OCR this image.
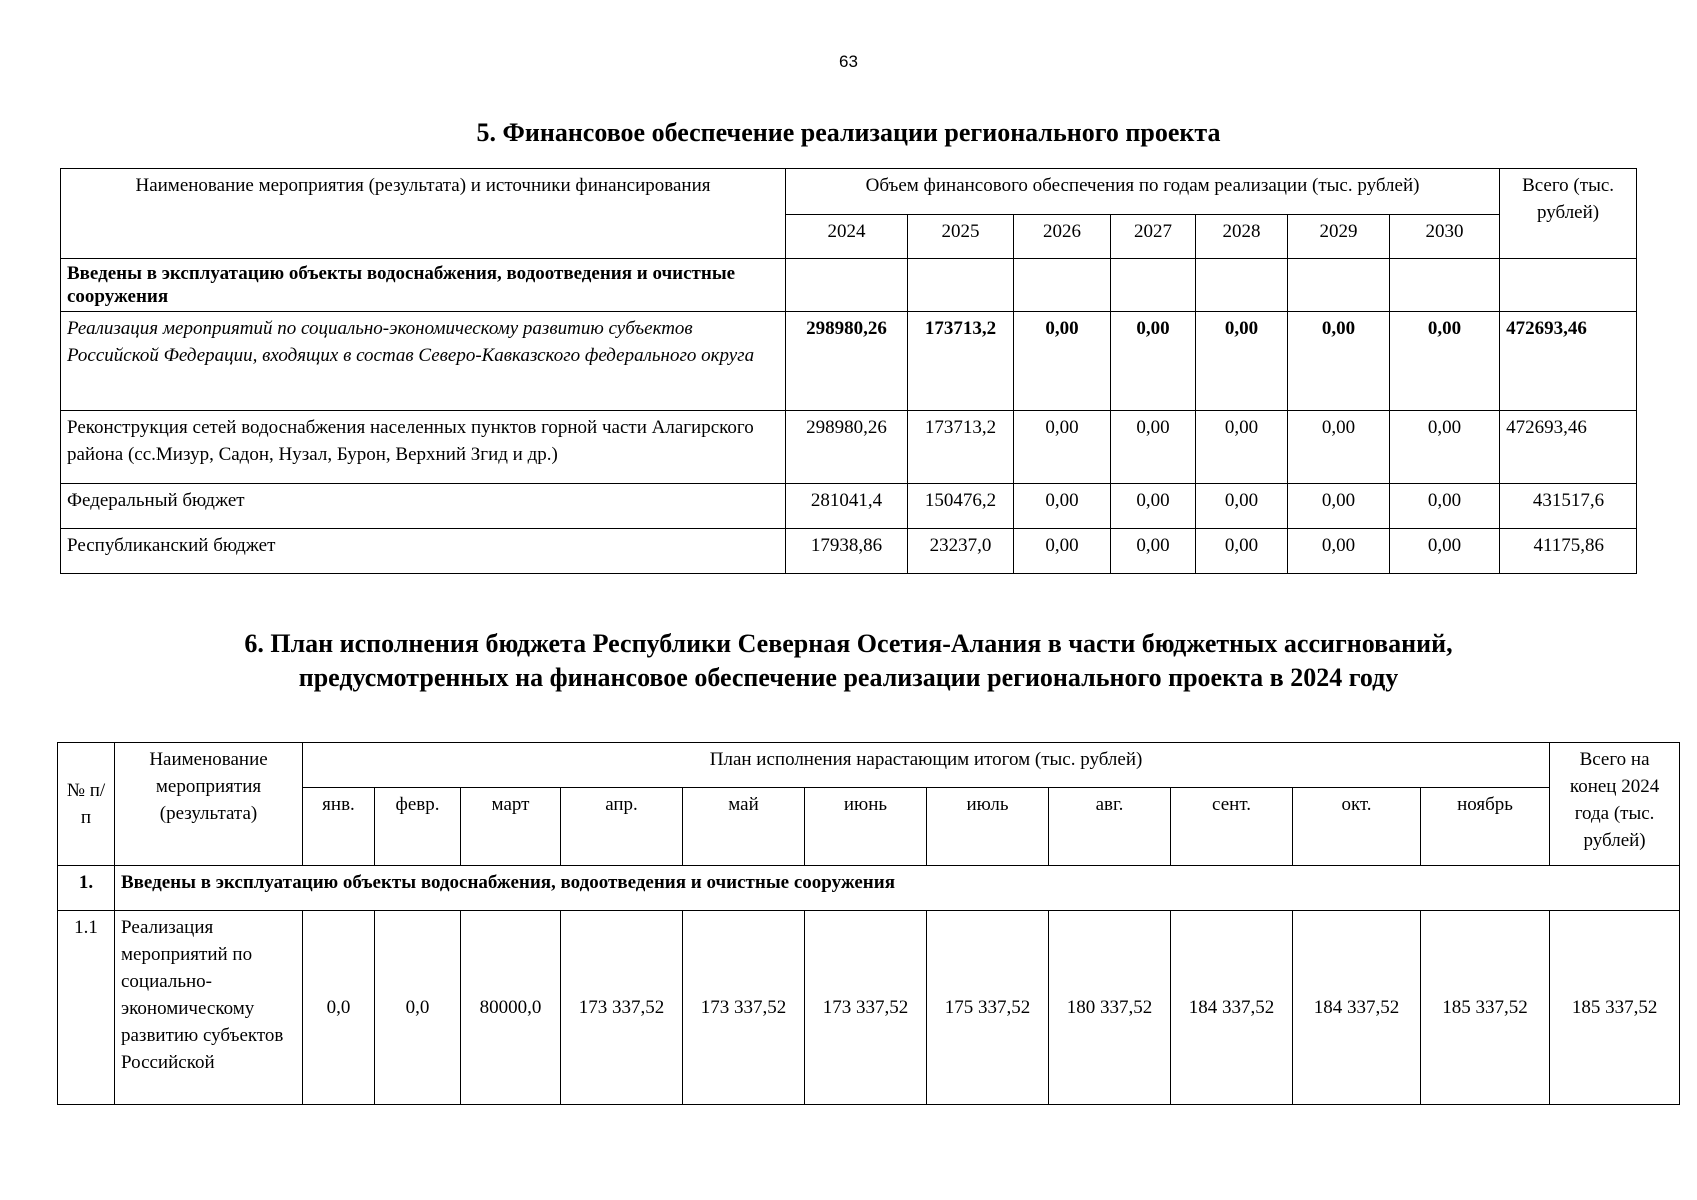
63
5. Финансовое обеспечение реализации регионального проекта
Наименование мероприятия (результата) и источники финансирования	Объем финансового обеспечения по годам реализации (тыс. рублей)							Всего (тыс. рублей)
	2024	2025	2026	2027	2028	2029	2030	
Введены в эксплуатацию объекты водоснабжения, водоотведения и очистные сооружения								
Реализация мероприятий по социально-экономическому развитию субъектов Российской Федерации, входящих в состав Северо-Кавказского федерального округа	298980,26	173713,2	0,00	0,00	0,00	0,00	0,00	472693,46
Реконструкция сетей водоснабжения населенных пунктов горной части Алагирского района (сс.Мизур, Садон, Нузал, Бурон, Верхний Згид и др.)	298980,26	173713,2	0,00	0,00	0,00	0,00	0,00	472693,46
Федеральный бюджет	281041,4	150476,2	0,00	0,00	0,00	0,00	0,00	431517,6
Республиканский бюджет	17938,86	23237,0	0,00	0,00	0,00	0,00	0,00	41175,86
6. План исполнения бюджета Республики Северная Осетия-Алания в части бюджетных ассигнований,
предусмотренных на финансовое обеспечение реализации регионального проекта в 2024 году
№ п/п	Наименование мероприятия (результата)	План исполнения нарастающим итогом (тыс. рублей)											Всего на конец 2024 года (тыс. рублей)
		янв.	февр.	март	апр.	май	июнь	июль	авг.	сент.	окт.	ноябрь	
1.	Введены в эксплуатацию объекты водоснабжения, водоотведения и очистные сооружения												
1.1	Реализация мероприятий по социально-экономическому развитию субъектов Российской	0,0	0,0	80000,0	173 337,52	173 337,52	173 337,52	175 337,52	180 337,52	184 337,52	184 337,52	185 337,52	185 337,52
